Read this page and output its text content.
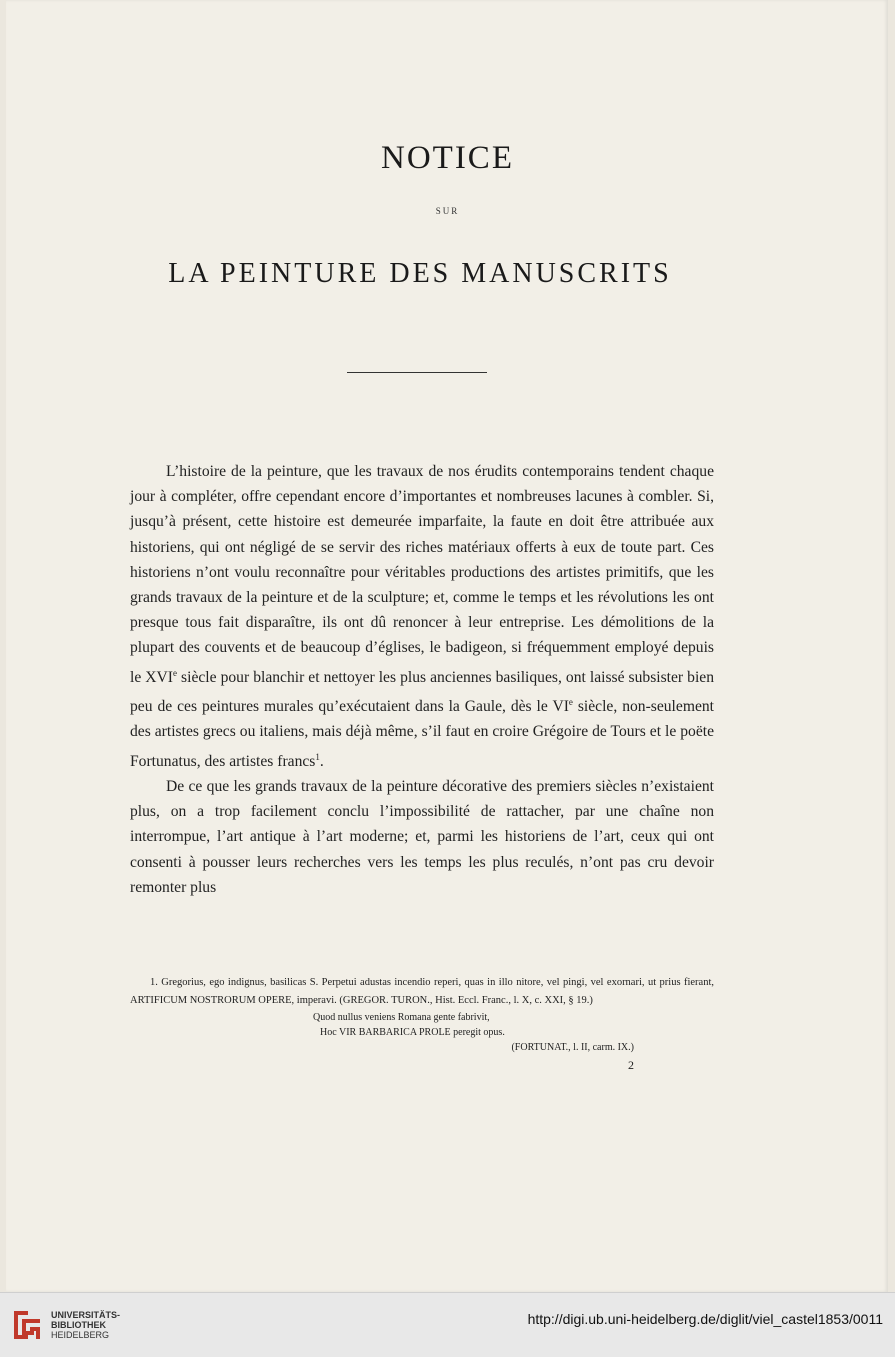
NOTICE
SUR
LA PEINTURE DES MANUSCRITS

L’histoire de la peinture, que les travaux de nos érudits contemporains tendent chaque jour à compléter, offre cependant encore d’importantes et nombreuses lacunes à combler. Si, jusqu’à présent, cette histoire est demeurée imparfaite, la faute en doit être attribuée aux historiens, qui ont négligé de se servir des riches matériaux offerts à eux de toute part. Ces historiens n’ont voulu reconnaître pour véritables productions des artistes primitifs, que les grands travaux de la peinture et de la sculpture; et, comme le temps et les révolutions les ont presque tous fait disparaître, ils ont dû renoncer à leur entreprise. Les démolitions de la plupart des couvents et de beaucoup d’églises, le badigeon, si fréquemment employé depuis le XVIe siècle pour blanchir et nettoyer les plus anciennes basiliques, ont laissé subsister bien peu de ces peintures murales qu’exécutaient dans la Gaule, dès le VIe siècle, non-seulement des artistes grecs ou italiens, mais déjà même, s’il faut en croire Grégoire de Tours et le poëte Fortunatus, des artistes francs$^1$.

De ce que les grands travaux de la peinture décorative des premiers siècles n’existaient plus, on a trop facilement conclu l’impossibilité de rattacher, par une chaîne non interrompue, l’art antique à l’art moderne; et, parmi les historiens de l’art, ceux qui ont consenti à pousser leurs recherches vers les temps les plus reculés, n’ont pas cru devoir remonter plus

1. Gregorius, ego indignus, basilicas S. Perpetui adustas incendio reperi, quas in illo nitore, vel pingi, vel exornari, ut prius fierant, ARTIFICUM NOSTRORUM OPERE, imperavi. (GREGOR. TURON., Hist. Eccl. Franc., l. X, c. XXI, § 19.)

Quod nullus veniens Romana gente fabrivit,

Hoc VIR BARBARICA PROLE peregit opus.

(FORTUNAT., l. II, carm. IX.)

2
UNIVERSITÄTS-
BIBLIOTHEK
HEIDELBERG
http://digi.ub.uni-heidelberg.de/diglit/viel_castel1853/0011
